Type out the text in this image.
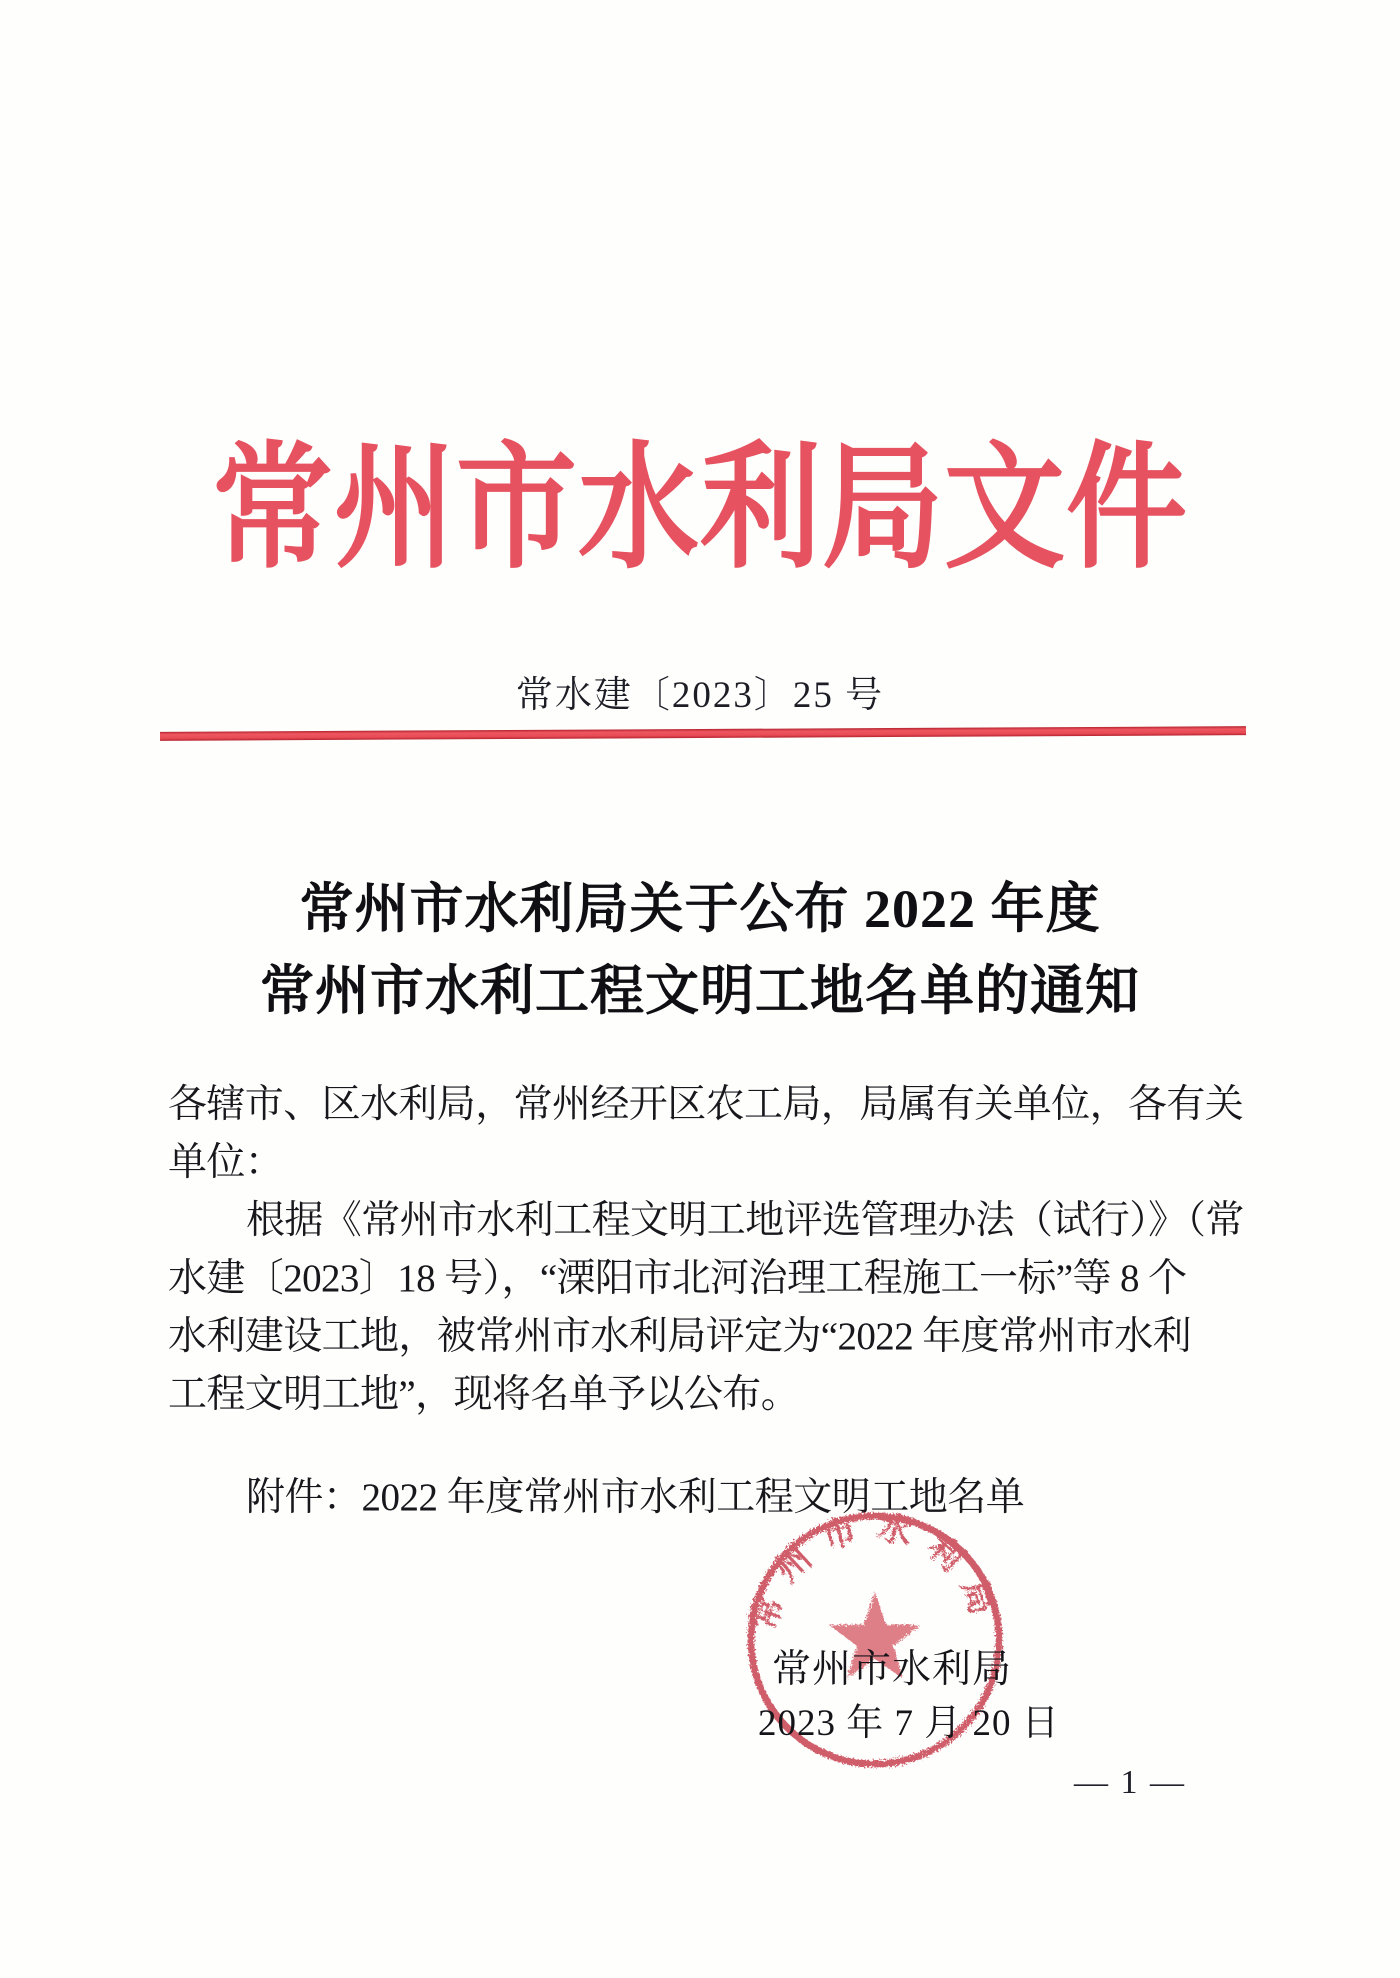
常州市水利局文件
常水建〔2023〕25 号
常州市水利局关于公布 2022 年度
常州市水利工程文明工地名单的通知
各辖市、区水利局，常州经开区农工局，局属有关单位，各有关
单位：
根据《常州市水利工程文明工地评选管理办法（试行）》（常
水建〔2023〕18 号），“溧阳市北河治理工程施工一标”等 8 个
水利建设工地，被常州市水利局评定为“2022 年度常州市水利
工程文明工地”，现将名单予以公布。
附件：2022 年度常州市水利工程文明工地名单
常州市水利局
常州市水利局
2023 年 7 月 20 日
— 1 —
